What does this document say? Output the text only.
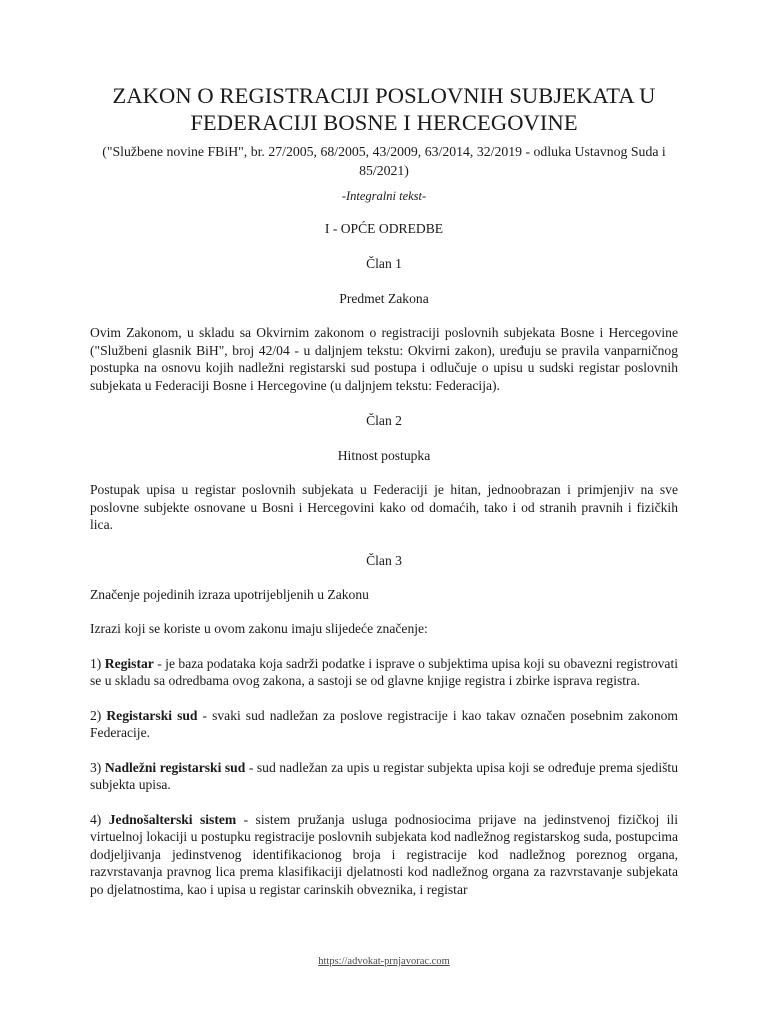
ZAKON O REGISTRACIJI POSLOVNIH SUBJEKATA U
FEDERACIJI BOSNE I HERCEGOVINE

("Službene novine FBiH", br. 27/2005, 68/2005, 43/2009, 63/2014, 32/2019 - odluka Ustavnog Suda i 85/2021)

-Integralni tekst-

I - OPĆE ODREDBE

Član 1

Predmet Zakona

Ovim Zakonom, u skladu sa Okvirnim zakonom o registraciji poslovnih subjekata Bosne i Hercegovine ("Službeni glasnik BiH", broj 42/04 - u daljnjem tekstu: Okvirni zakon), uređuju se pravila vanparničnog postupka na osnovu kojih nadležni registarski sud postupa i odlučuje o upisu u sudski registar poslovnih subjekata u Federaciji Bosne i Hercegovine (u daljnjem tekstu: Federacija).

Član 2

Hitnost postupka

Postupak upisa u registar poslovnih subjekata u Federaciji je hitan, jednoobrazan i primjenjiv na sve poslovne subjekte osnovane u Bosni i Hercegovini kako od domaćih, tako i od stranih pravnih i fizičkih lica.

Član 3

Značenje pojedinih izraza upotrijebljenih u Zakonu

Izrazi koji se koriste u ovom zakonu imaju slijedeće značenje:

1) Registar - je baza podataka koja sadrži podatke i isprave o subjektima upisa koji su obavezni registrovati se u skladu sa odredbama ovog zakona, a sastoji se od glavne knjige registra i zbirke isprava registra.

2) Registarski sud - svaki sud nadležan za poslove registracije i kao takav označen posebnim zakonom Federacije.

3) Nadležni registarski sud - sud nadležan za upis u registar subjekta upisa koji se određuje prema sjedištu subjekta upisa.

4) Jednošalterski sistem - sistem pružanja usluga podnosiocima prijave na jedinstvenoj fizičkoj ili virtuelnoj lokaciji u postupku registracije poslovnih subjekata kod nadležnog registarskog suda, postupcima dodjeljivanja jedinstvenog identifikacionog broja i registracije kod nadležnog poreznog organa, razvrstavanja pravnog lica prema klasifikaciji djelatnosti kod nadležnog organa za razvrstavanje subjekata po djelatnostima, kao i upisa u registar carinskih obveznika, i registar

https://advokat-prnjavorac.com
